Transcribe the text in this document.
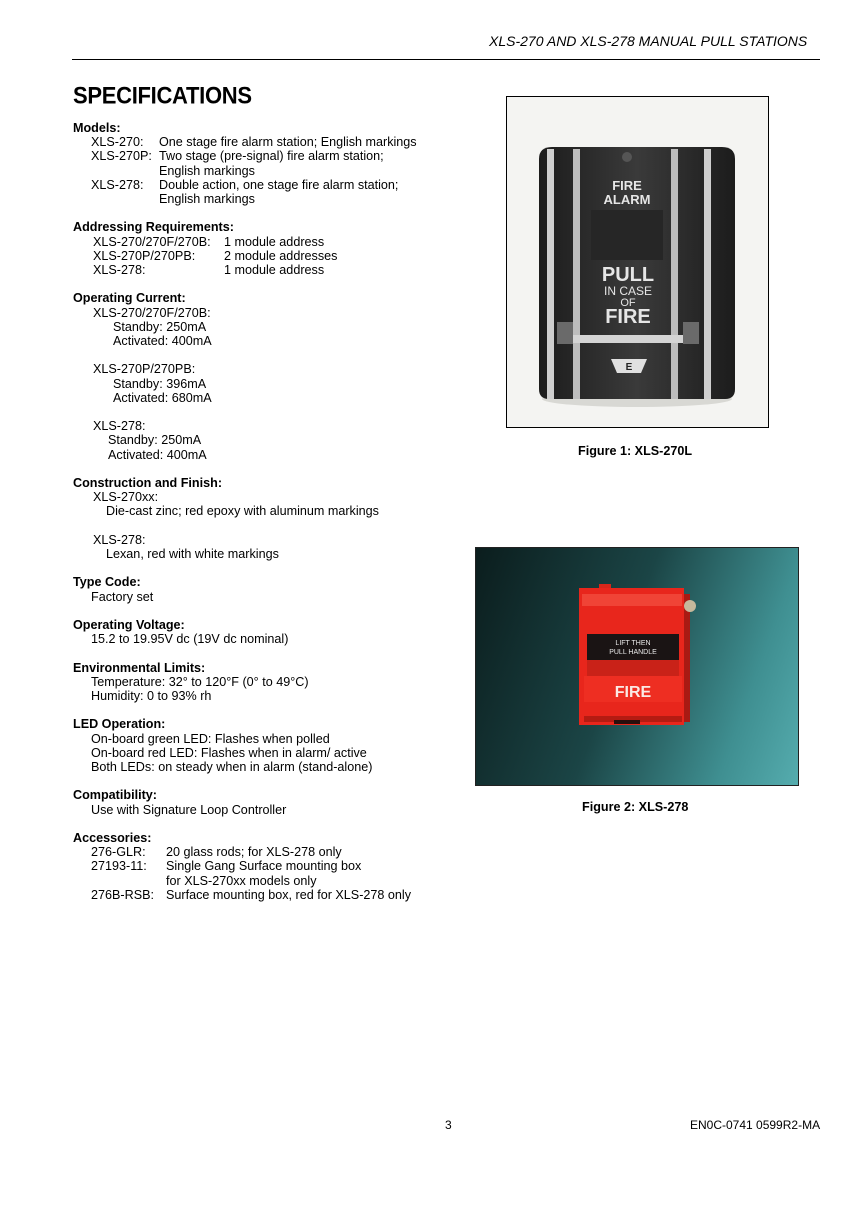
XLS-270 AND XLS-278 MANUAL PULL STATIONS
SPECIFICATIONS
Models:
XLS-270:	One stage fire alarm station; English markings
XLS-270P: Two stage (pre-signal) fire alarm station;
English markings
XLS-278:	Double action, one stage fire alarm station;
English markings
Addressing Requirements:
XLS-270/270F/270B:	1 module address
XLS-270P/270PB:	2 module addresses
XLS-278:	1 module address
Operating Current:
XLS-270/270F/270B:
Standby: 250mA
Activated: 400mA
XLS-270P/270PB:
Standby: 396mA
Activated: 680mA
XLS-278:
Standby: 250mA
Activated: 400mA
Construction and Finish:
XLS-270xx:
Die-cast zinc; red epoxy with aluminum markings
XLS-278:
Lexan, red with white markings
Type Code:
Factory set
Operating Voltage:
15.2 to 19.95V dc (19V dc nominal)
Environmental Limits:
Temperature: 32° to 120°F (0° to 49°C)
Humidity: 0 to 93% rh
LED Operation:
On-board green LED: Flashes when polled
On-board red LED: Flashes when in alarm/ active
Both LEDs: on steady when in alarm (stand-alone)
Compatibility:
Use with Signature Loop Controller
Accessories:
276-GLR:	20 glass rods; for XLS-278 only
27193-11:	Single Gang Surface mounting box
for XLS-270xx models only
276B-RSB: Surface mounting box, red for XLS-278 only
FIRE
ALARM
PULL
IN CASE
OF
FIRE
E
Figure 1: XLS-270L
LIFT THEN
PULL HANDLE
FIRE
Figure 2: XLS-278
3	EN0C-0741 0599R2-MA
